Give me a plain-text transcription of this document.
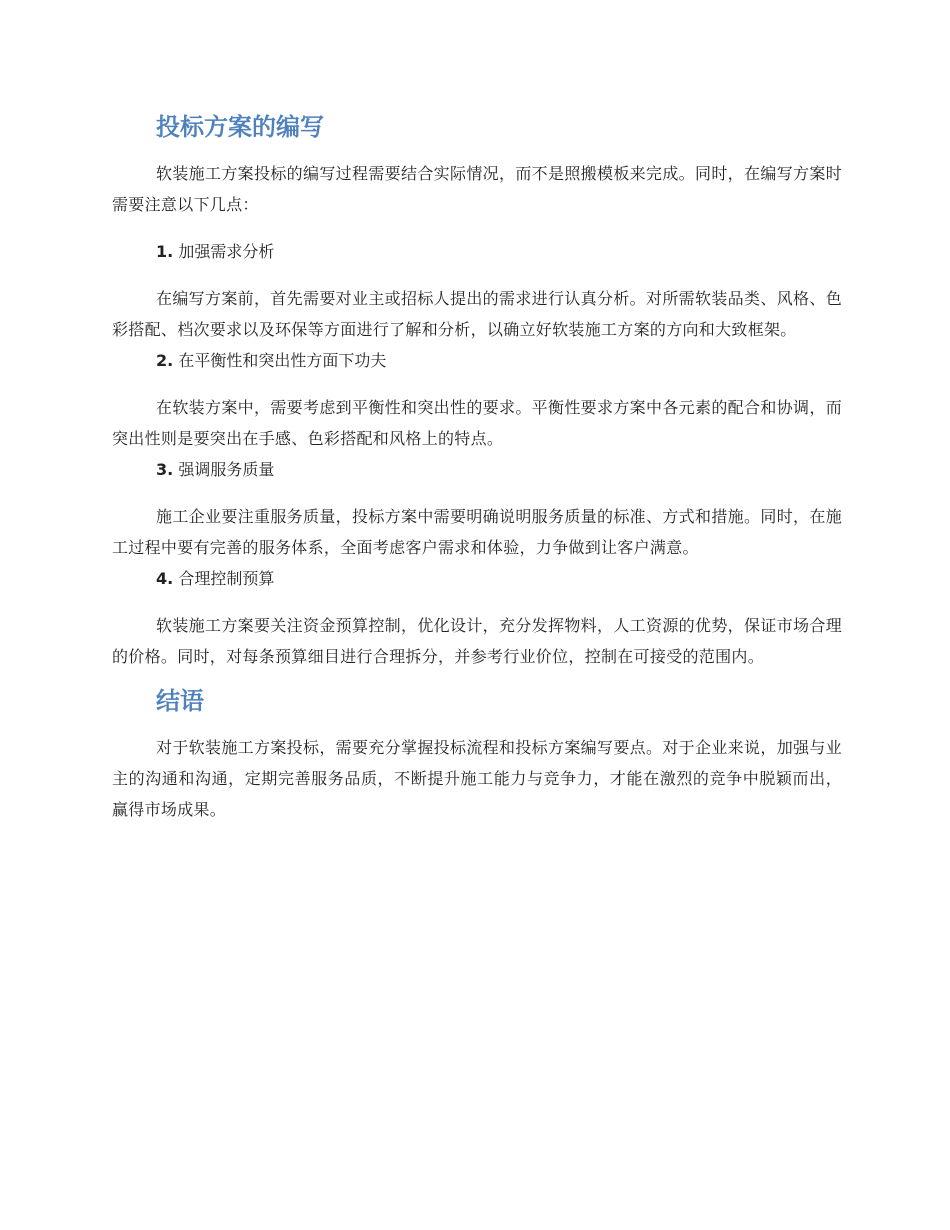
投标方案的编写

软装施工方案投标的编写过程需要结合实际情况，而不是照搬模板来完成。同时，在编写方案时需要注意以下几点：

1. 加强需求分析

在编写方案前，首先需要对业主或招标人提出的需求进行认真分析。对所需软装品类、风格、色彩搭配、档次要求以及环保等方面进行了解和分析，以确立好软装施工方案的方向和大致框架。

2. 在平衡性和突出性方面下功夫

在软装方案中，需要考虑到平衡性和突出性的要求。平衡性要求方案中各元素的配合和协调，而突出性则是要突出在手感、色彩搭配和风格上的特点。

3. 强调服务质量

施工企业要注重服务质量，投标方案中需要明确说明服务质量的标准、方式和措施。同时，在施工过程中要有完善的服务体系，全面考虑客户需求和体验，力争做到让客户满意。

4. 合理控制预算

软装施工方案要关注资金预算控制，优化设计，充分发挥物料，人工资源的优势，保证市场合理的价格。同时，对每条预算细目进行合理拆分，并参考行业价位，控制在可接受的范围内。

结语

对于软装施工方案投标，需要充分掌握投标流程和投标方案编写要点。对于企业来说，加强与业主的沟通和沟通，定期完善服务品质，不断提升施工能力与竞争力，才能在激烈的竞争中脱颖而出，赢得市场成果。
